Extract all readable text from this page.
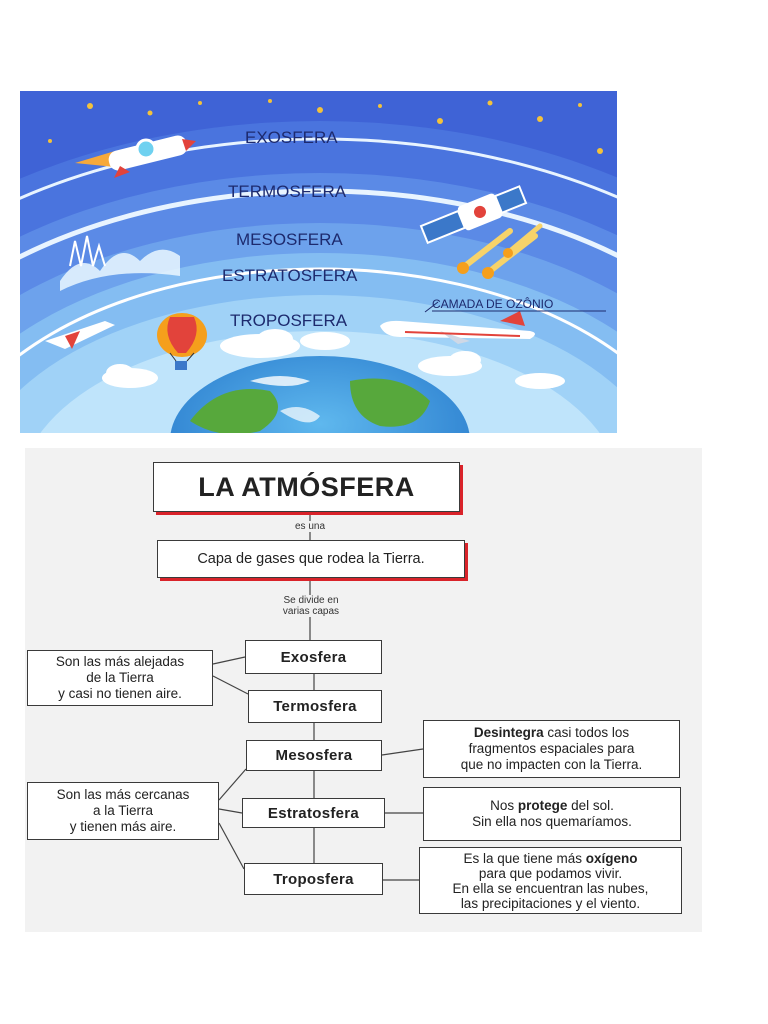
EXOSFERA
TERMOSFERA
MESOSFERA
ESTRATOSFERA
TROPOSFERA
CAMADA DE OZÔNIO
LA ATMÓSFERA
es una
Capa de gases que rodea la Tierra.
Se divide en
varias capas
Exosfera
Termosfera
Mesosfera
Estratosfera
Troposfera
Son las más alejadas
de la Tierra
y casi no tienen aire.
Son las más cercanas
a la Tierra
y tienen más aire.
Desintegra casi todos los
fragmentos espaciales para
que no impacten con la Tierra.
Nos protege del sol.
Sin ella nos quemaríamos.
Es la que tiene más oxígeno
para que podamos vivir.
En ella se encuentran las nubes,
las precipitaciones y el viento.
